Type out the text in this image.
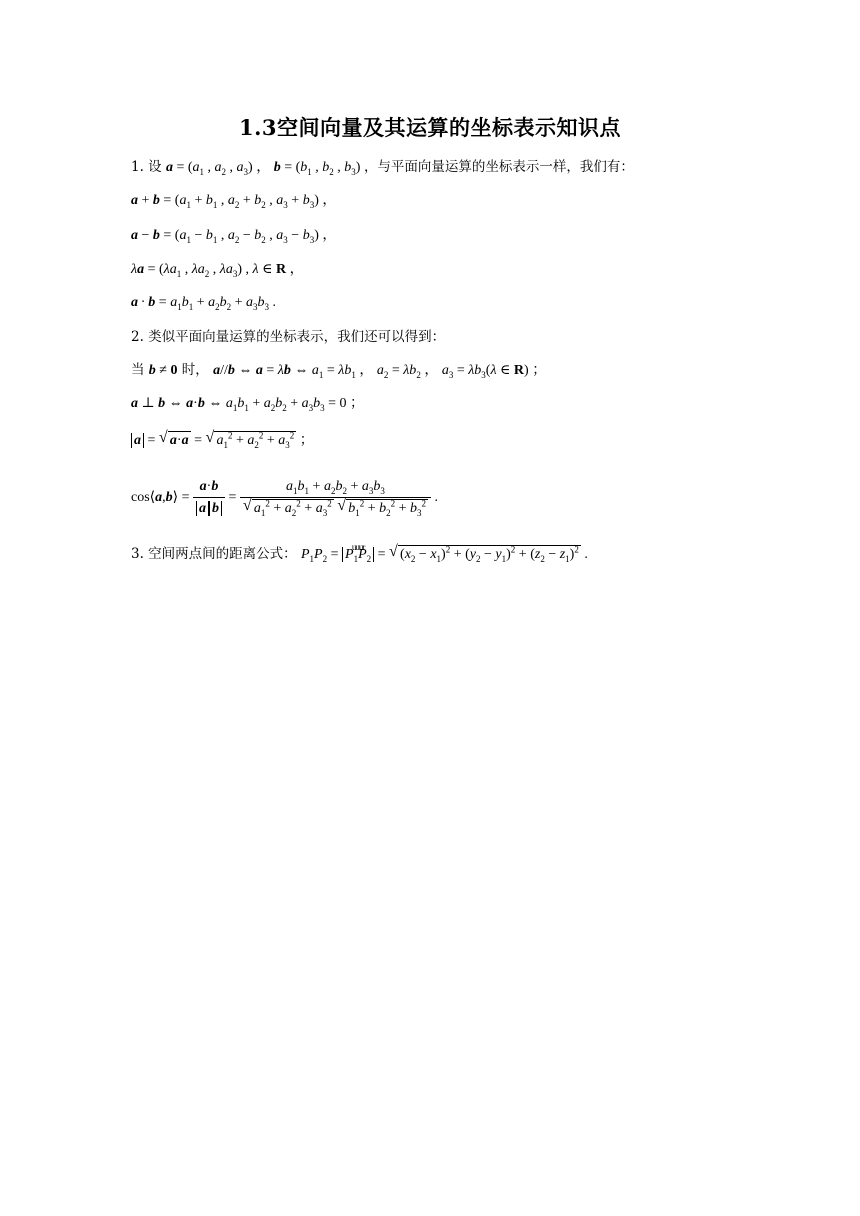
1.3空间向量及其运算的坐标表示知识点
1. 设 $a = (a_1$ , $a_2$ , $a_3$) ， $b = (b_1$ , $b_2$ , $b_3$) ，与平面向量运算的坐标表示一样，我们有：
$a + b = (a_1 + b_1$ , $a_2 + b_2$ , $a_3 + b_3$) ，
$a - b = (a_1 - b_1$ , $a_2 - b_2$ , $a_3 - b_3$) ，
$\lambda a = (\lambda a_1$ , $\lambda a_2$ , $\lambda a_3$) , λ ∈ R ，
$a \cdot b = a_1b_1 + a_2b_2 + a_3b_3$ .
2. 类似平面向量运算的坐标表示，我们还可以得到：
当 b ≠ 0 时， a//b ⇔ a = λb ⇔ $a_1 = \lambda b_1$ ， $a_2 = \lambda b_2$ ， $a_3 = \lambda b_3(\lambda$ ∈ R) ；
a ⊥ b ⇔ a·b ⇔ $a_1b_1 + a_2b_2 + a_3b_3 = 0$ ；
a = √ a·a = √ $a_1^2 + a_2^2 + a_3^2$ ；
cos⟨a,b⟩ = $\frac{a\cdot b}{\text{a b}} = \frac{a_1b_1 + a_2b_2 + a_3b_3}{√ a_1^2 + a_2^2 + a_3^2 √ b_1^2 + b_2^2 + b_3^2}$ .
3. 空间两点间的距离公式： $P_1P_2$ =	uuur
$P_1P_2$ = √ $(x_2 - x_1)^2 + (y_2 - y_1)^2 + (z_2 - z_1)^2$ .
